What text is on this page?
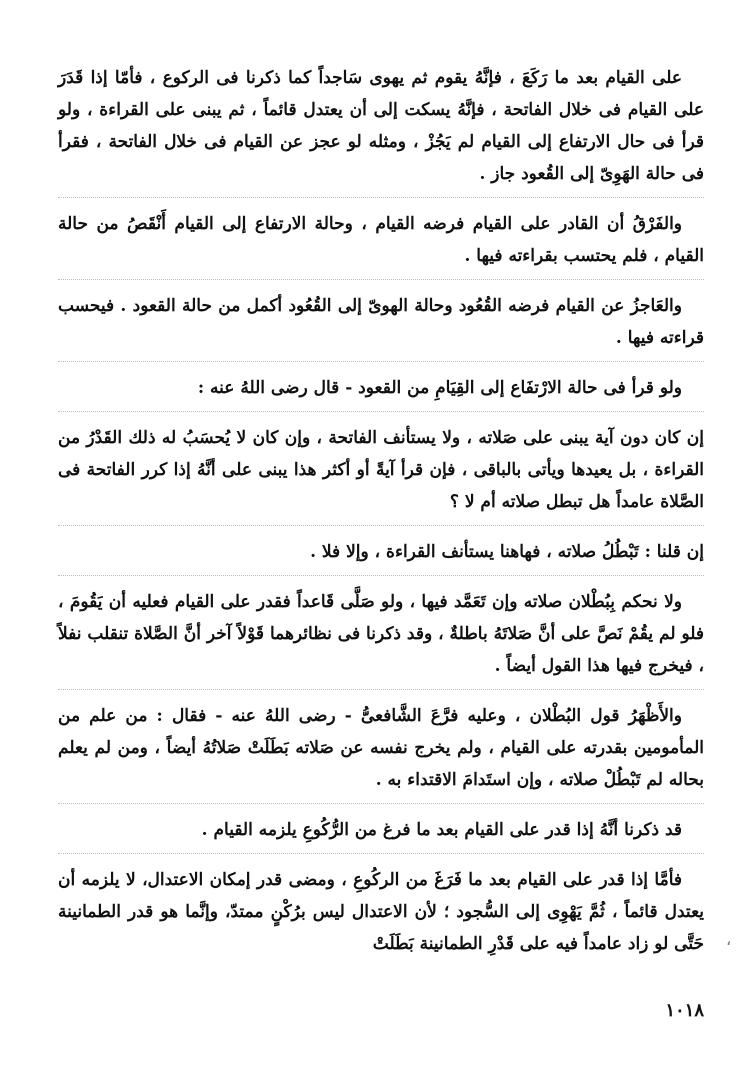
على القيام بعد ما رَكَعَ ، فإنَّهُ يقوم ثم يهوى سَاجداً كما ذكرنا فى الركوع ، فأمّا إذا قَدَرَ على القيام فى خلال الفاتحة ، فإنَّهُ يسكت إلى أن يعتدل قائماً ، ثم يبنى على القراءة ، ولو قرأ فى حال الارتفاع إلى القيام لم يَجُزْ ، ومثله لو عجز عن القيام فى خلال الفاتحة ، فقرأ فى حالة الهَوِىّ إلى القُعود جاز .

والفَرْقُ أن القادر على القيام فرضه القيام ، وحالة الارتفاع إلى القيام أَنْقَصُ من حالة القيام ، فلم يحتسب بقراءته فيها .

والعَاجزُ عن القيام فرضه القُعُود وحالة الهوىّ إلى القُعُود أكمل من حالة القعود . فيحسب قراءته فيها .

ولو قرأ فى حالة الارْتفَاع إلى القِيَامِ من القعود - قال رضى اللهُ عنه :

إن كان دون آية يبنى على صَلاته ، ولا يستأنف الفاتحة ، وإن كان لا يُحسَبُ له ذلك القَدْرُ من القراءة ، بل يعيدها ويأتى بالباقى ، فإن قرأ آيةً أو أكثر هذا يبنى على أنَّهُ إذا كرر الفاتحة فى الصَّلاة عامداً هل تبطل صلاته أم لا ؟

إن قلنا : تَبْطُلُ صلاته ، فهاهنا يستأنف القراءة ، وإلا فلا .

ولا نحكم بِبُطْلان صلاته وإن تَعَمَّد فيها ، ولو صَلَّى قَاعداً فقدر على القيام فعليه أن يَقُومَ ، فلو لم يقُمْ نَصَّ على أنَّ صَلاتَهُ باطلةٌ ، وقد ذكرنا فى نظائرهما قَوْلاً آخر أنَّ الصَّلاة تنقلب نفلاً ، فيخرج فيها هذا القول أيضاً .

والأَظْهَرُ قول البُطْلان ، وعليه فرَّعَ الشَّافعىُّ - رضى اللهُ عنه - فقال : من علم من المأمومين بقدرته على القيام ، ولم يخرج نفسه عن صَلاته بَطَلَتْ صَلاتُهُ أيضاً ، ومن لم يعلم بحاله لم تَبْطُلْ صلاته ، وإن استَدامَ الاقتداء به .

قد ذكرنا أنَّهُ إذا قدر على القيام بعد ما فرغ من الرُّكُوعِ يلزمه القيام .

فأمَّا إذا قدر على القيام بعد ما فَرَغَ من الركُوعِ ، ومضى قدر إمكان الاعتدال، لا يلزمه أن يعتدل قائماً ، ثُمَّ يَهْوِى إلى السُّجود ؛ لأن الاعتدال ليس برُكْنٍ ممتدّ، وإنَّما هو قدر الطمانينة حَتَّى لو زاد عامداً فيه على قَدْرِ الطمانينة بَطَلَتْ

١٠١٨
،
